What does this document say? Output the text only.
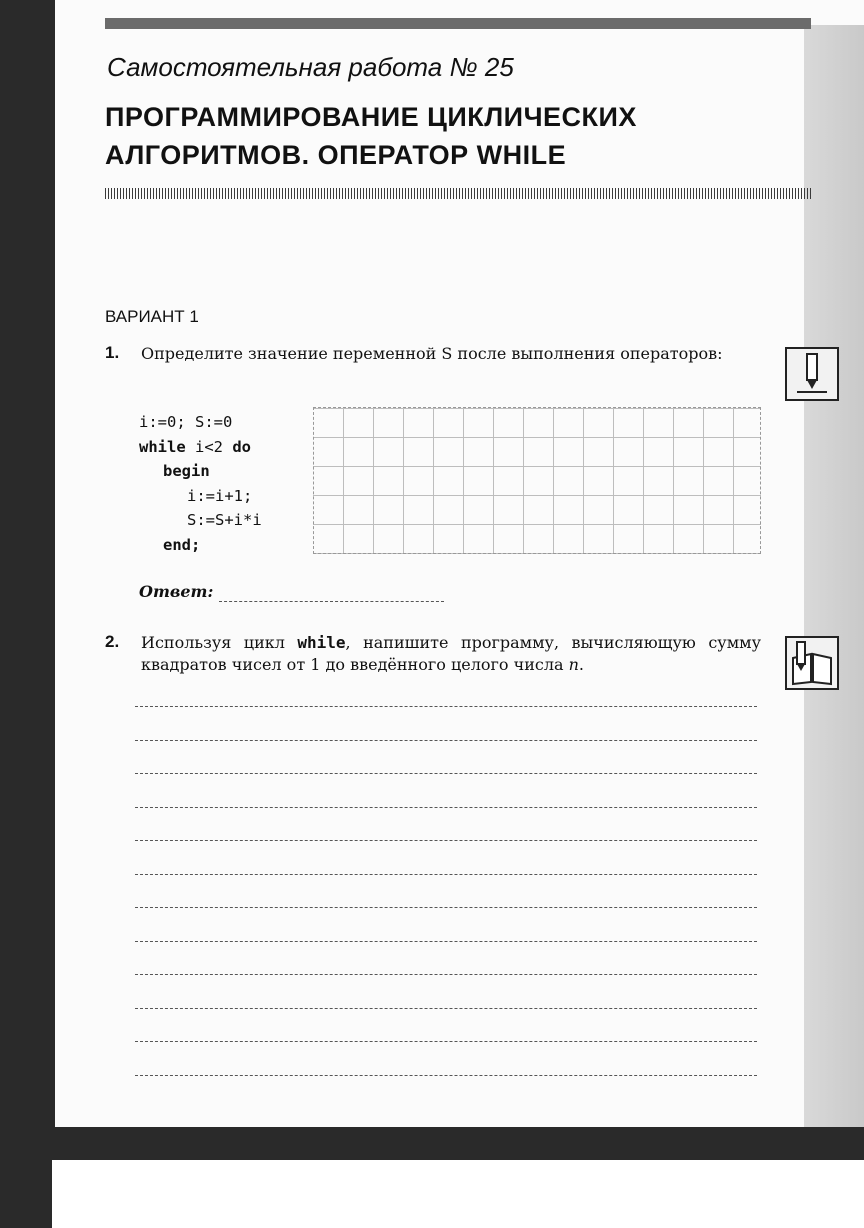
Самостоятельная работа № 25
ПРОГРАММИРОВАНИЕ ЦИКЛИЧЕСКИХ АЛГОРИТМОВ. ОПЕРАТОР WHILE
ВАРИАНТ 1
1. Определите значение переменной S после выполнения операторов:
i:=0; S:=0
while i<2 do
begin
i:=i+1;
S:=S+i*i
end;
Ответ:
2. Используя цикл while, напишите программу, вычисляющую сумму квадратов чисел от 1 до введённого целого числа n.
